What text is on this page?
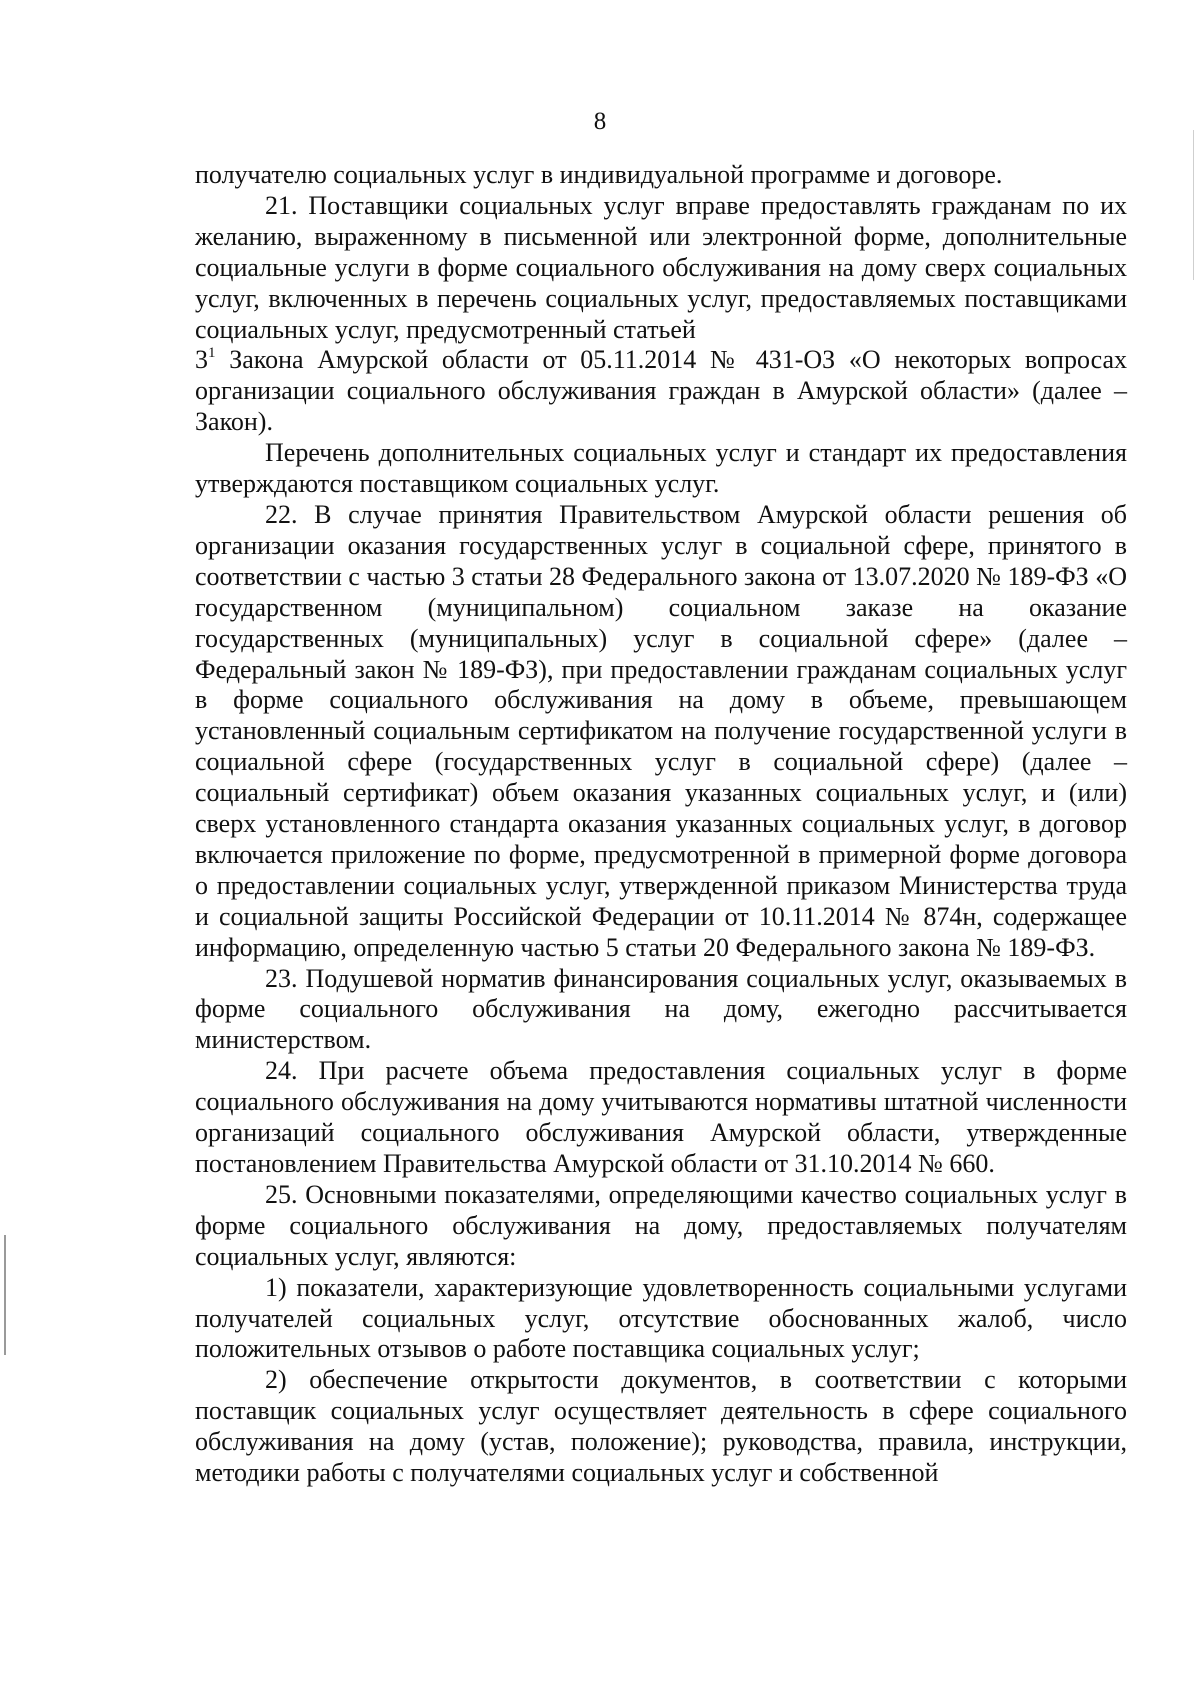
8

получателю социальных услуг в индивидуальной программе и договоре.

21. Поставщики социальных услуг вправе предоставлять гражданам по их желанию, выраженному в письменной или электронной форме, дополнительные социальные услуги в форме социального обслуживания на дому сверх социальных услуг, включенных в перечень социальных услуг, предоставляемых поставщиками социальных услуг, предусмотренный статьей

$3^1$ Закона Амурской области от 05.11.2014 № 431-ОЗ «О некоторых вопросах организации социального обслуживания граждан в Амурской области» (далее – Закон).

Перечень дополнительных социальных услуг и стандарт их предоставления утверждаются поставщиком социальных услуг.

22. В случае принятия Правительством Амурской области решения об организации оказания государственных услуг в социальной сфере, принятого в соответствии с частью 3 статьи 28 Федерального закона от 13.07.2020 № 189-ФЗ «О государственном (муниципальном) социальном заказе на оказание государственных (муниципальных) услуг в социальной сфере» (далее – Федеральный закон № 189-ФЗ), при предоставлении гражданам социальных услуг в форме социального обслуживания на дому в объеме, превышающем установленный социальным сертификатом на получение государственной услуги в социальной сфере (государственных услуг в социальной сфере) (далее – социальный сертификат) объем оказания указанных социальных услуг, и (или) сверх установленного стандарта оказания указанных социальных услуг, в договор включается приложение по форме, предусмотренной в примерной форме договора о предоставлении социальных услуг, утвержденной приказом Министерства труда и социальной защиты Российской Федерации от 10.11.2014 № 874н, содержащее информацию, определенную частью 5 статьи 20 Федерального закона № 189-ФЗ.

23. Подушевой норматив финансирования социальных услуг, оказываемых в форме социального обслуживания на дому, ежегодно рассчитывается министерством.

24. При расчете объема предоставления социальных услуг в форме социального обслуживания на дому учитываются нормативы штатной численности организаций социального обслуживания Амурской области, утвержденные постановлением Правительства Амурской области от 31.10.2014 № 660.

25. Основными показателями, определяющими качество социальных услуг в форме социального обслуживания на дому, предоставляемых получателям социальных услуг, являются:

1) показатели, характеризующие удовлетворенность социальными услугами получателей социальных услуг, отсутствие обоснованных жалоб, число положительных отзывов о работе поставщика социальных услуг;

2) обеспечение открытости документов, в соответствии с которыми поставщик социальных услуг осуществляет деятельность в сфере социального обслуживания на дому (устав, положение); руководства, правила, инструкции, методики работы с получателями социальных услуг и собственной
